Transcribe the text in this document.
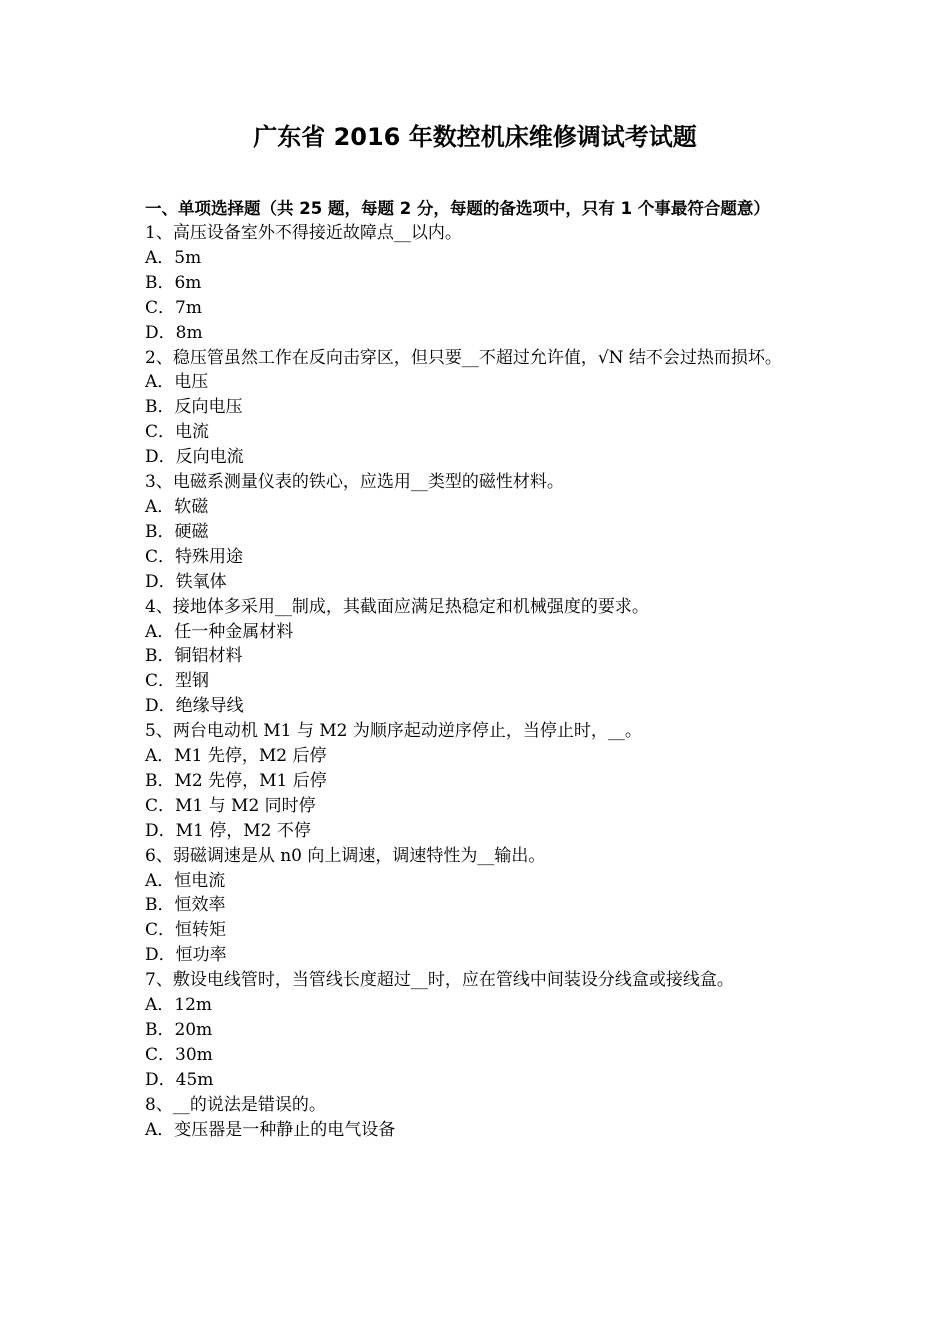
广东省 2016 年数控机床维修调试考试题

一、单项选择题（共 25 题，每题 2 分，每题的备选项中，只有 1 个事最符合题意）

1、高压设备室外不得接近故障点__以内。

A．5m

B．6m

C．7m

D．8m

2、稳压管虽然工作在反向击穿区，但只要__不超过允许值，√N 结不会过热而损坏。

A．电压

B．反向电压

C．电流

D．反向电流

3、电磁系测量仪表的铁心，应选用__类型的磁性材料。

A．软磁

B．硬磁

C．特殊用途

D．铁氧体

4、接地体多采用__制成，其截面应满足热稳定和机械强度的要求。

A．任一种金属材料

B．铜铝材料

C．型钢

D．绝缘导线

5、两台电动机 M1 与 M2 为顺序起动逆序停止，当停止时，__。

A．M1 先停，M2 后停

B．M2 先停，M1 后停

C．M1 与 M2 同时停

D．M1 停，M2 不停

6、弱磁调速是从 n0 向上调速，调速特性为__输出。

A．恒电流

B．恒效率

C．恒转矩

D．恒功率

7、敷设电线管时，当管线长度超过__时，应在管线中间装设分线盒或接线盒。

A．12m

B．20m

C．30m

D．45m

8、__的说法是错误的。

A．变压器是一种静止的电气设备
